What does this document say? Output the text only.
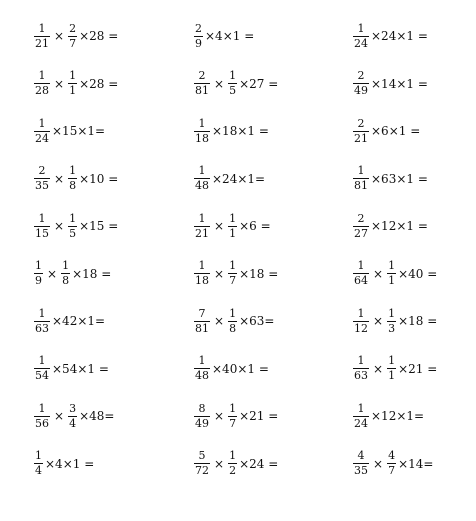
$\frac{1}{21} \times \frac{2}{7} \times 28$ =	$\frac{2}{9} \times 4\times 1$ =	$\frac{1}{24} \times 24\times 1$ =
$\frac{1}{28} \times \frac{1}{1} \times 28$ =	$\frac{2}{81} \times \frac{1}{5} \times 27$ =	$\frac{2}{49} \times 14\times 1$ =
$\frac{1}{24} \times 15\times 1=$	$\frac{1}{18} \times 18\times 1$ =	$\frac{2}{21} \times 6\times 1$ =
$\frac{2}{35} \times \frac{1}{8} \times 10$ =	$\frac{1}{48} \times 24\times 1=$	$\frac{1}{81} \times 63\times 1$ =
$\frac{1}{15} \times \frac{1}{5} \times 15$ =	$\frac{1}{21} \times \frac{1}{1} \times 6$ =	$\frac{2}{27} \times 12\times 1$ =
$\frac{1}{9} \times \frac{1}{8} \times 18$ =	$\frac{1}{18} \times \frac{1}{7} \times 18$ =	$\frac{1}{64} \times \frac{1}{1} \times 40$ =
$\frac{1}{63} \times 42\times 1=$	$\frac{7}{81} \times \frac{1}{8} \times 63=$	$\frac{1}{12} \times \frac{1}{3} \times 18$ =
$\frac{1}{54} \times 54\times 1$ =	$\frac{1}{48} \times 40\times 1$ =	$\frac{1}{63} \times \frac{1}{1} \times 21$ =
$\frac{1}{56} \times \frac{3}{4} \times 48=$	$\frac{8}{49} \times \frac{1}{7} \times 21$ =	$\frac{1}{24} \times 12\times 1=$
$\frac{1}{4} \times 4\times 1$ =	$\frac{5}{72} \times \frac{1}{2} \times 24$ =	$\frac{4}{35} \times \frac{4}{7} \times 14=$
